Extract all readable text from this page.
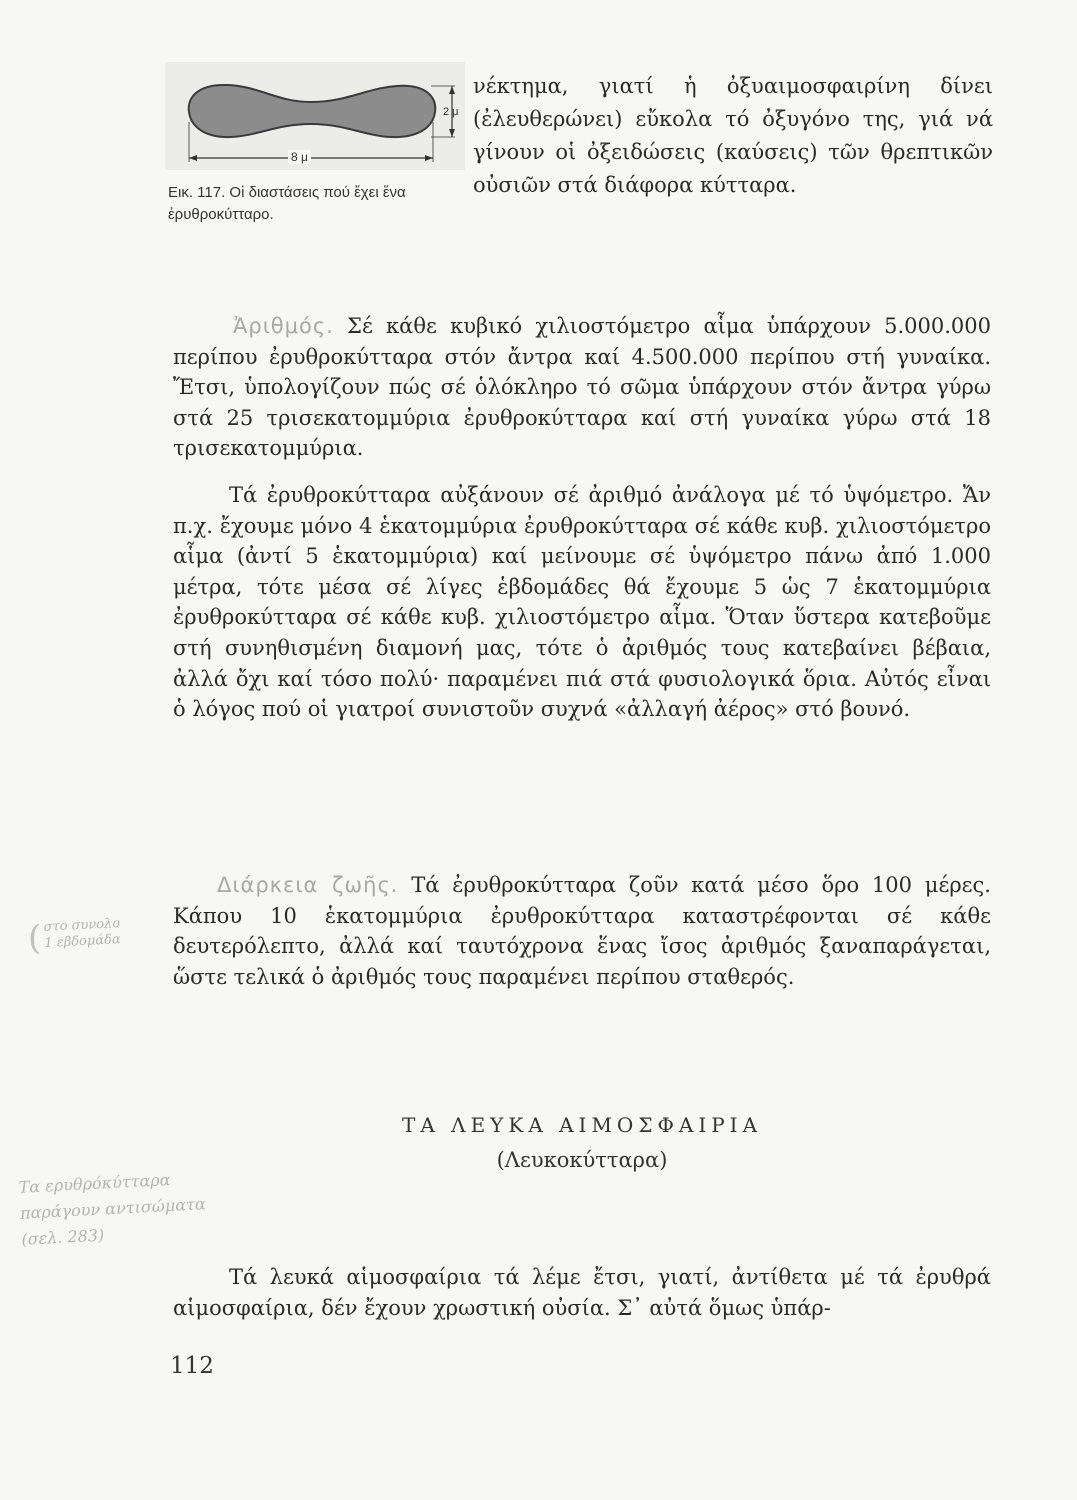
8 μ
2 μ

Εικ. 117. Οἱ διαστάσεις πού ἔχει ἕνα ἐρυθροκύτταρο.

νέκτημα, γιατί ἡ ὀξυαιμοσφαιρίνη δίνει (ἐλευθερώνει) εὔκολα τό ὀξυγόνο της, γιά νά γίνουν οἱ ὀξειδώσεις (καύσεις) τῶν θρεπτικῶν οὐσιῶν στά διάφορα κύτταρα.

Ἀριθμός. Σέ κάθε κυβικό χιλιοστόμετρο αἷμα ὑπάρχουν 5.000.000 περίπου ἐρυθροκύτταρα στόν ἄντρα καί 4.500.000 περίπου στή γυναίκα. Ἔτσι, ὑπολογίζουν πώς σέ ὁλόκληρο τό σῶμα ὑπάρχουν στόν ἄντρα γύρω στά 25 τρισεκατομμύρια ἐρυθροκύτταρα καί στή γυναίκα γύρω στά 18 τρισεκατομμύρια.

Τά ἐρυθροκύτταρα αὐξάνουν σέ ἀριθμό ἀνάλογα μέ τό ὑψόμετρο. Ἄν π.χ. ἔχουμε μόνο 4 ἑκατομμύρια ἐρυθροκύτταρα σέ κάθε κυβ. χιλιοστόμετρο αἷμα (ἀντί 5 ἑκατομμύρια) καί μείνουμε σέ ὑψόμετρο πάνω ἀπό 1.000 μέτρα, τότε μέσα σέ λίγες ἑβδομάδες θά ἔχουμε 5 ὡς 7 ἑκατομμύρια ἐρυθροκύτταρα σέ κάθε κυβ. χιλιοστόμετρο αἷμα. Ὅταν ὕστερα κατεβοῦμε στή συνηθισμένη διαμονή μας, τότε ὁ ἀριθμός τους κατεβαίνει βέβαια, ἀλλά ὄχι καί τόσο πολύ· παραμένει πιά στά φυσιολογικά ὅρια. Αὐτός εἶναι ὁ λόγος πού οἱ γιατροί συνιστοῦν συχνά «ἀλλαγή ἀέρος» στό βουνό.

Διάρκεια ζωῆς. Τά ἐρυθροκύτταρα ζοῦν κατά μέσο ὅρο 100 μέρες. Κάπου 10 ἑκατομμύρια ἐρυθροκύτταρα καταστρέφονται σέ κάθε δευτερόλεπτο, ἀλλά καί ταυτόχρονα ἕνας ἴσος ἀριθμός ξαναπαράγεται, ὥστε τελικά ὁ ἀριθμός τους παραμένει περίπου σταθερός.

ΤΑ ΛΕΥΚΑ ΑΙΜΟΣΦΑΙΡΙΑ

(Λευκοκύτταρα)

Τά λευκά αἱμοσφαίρια τά λέμε ἔτσι, γιατί, ἀντίθετα μέ τά ἐρυθρά αἱμοσφαίρια, δέν ἔχουν χρωστική οὐσία. Σ᾽ αὐτά ὅμως ὑπάρ-

112
( στο συνολο
1 εβδομάδα
Τα ερυθρόκύτταρα
παράγουν αντισώματα
(σελ. 283)
